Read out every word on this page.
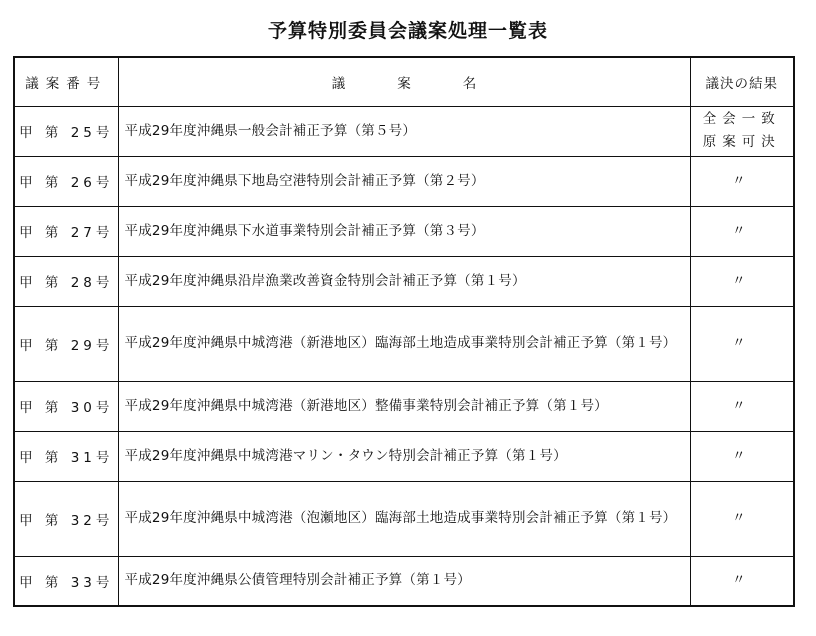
予算特別委員会議案処理一覧表
議案番号	議案名	議決の結果
甲 第 25号	平成29年度沖縄県一般会計補正予算（第５号）	全会一致
原案可決

甲 第 26号	平成29年度沖縄県下地島空港特別会計補正予算（第２号）	〃
甲 第 27号	平成29年度沖縄県下水道事業特別会計補正予算（第３号）	〃
甲 第 28号	平成29年度沖縄県沿岸漁業改善資金特別会計補正予算（第１号）	〃
甲 第 29号	平成29年度沖縄県中城湾港（新港地区）臨海部土地造成事業特別会計補正予算（第１号）	〃
甲 第 30号	平成29年度沖縄県中城湾港（新港地区）整備事業特別会計補正予算（第１号）	〃
甲 第 31号	平成29年度沖縄県中城湾港マリン・タウン特別会計補正予算（第１号）	〃
甲 第 32号	平成29年度沖縄県中城湾港（泡瀬地区）臨海部土地造成事業特別会計補正予算（第１号）	〃
甲 第 33号	平成29年度沖縄県公債管理特別会計補正予算（第１号）	〃
